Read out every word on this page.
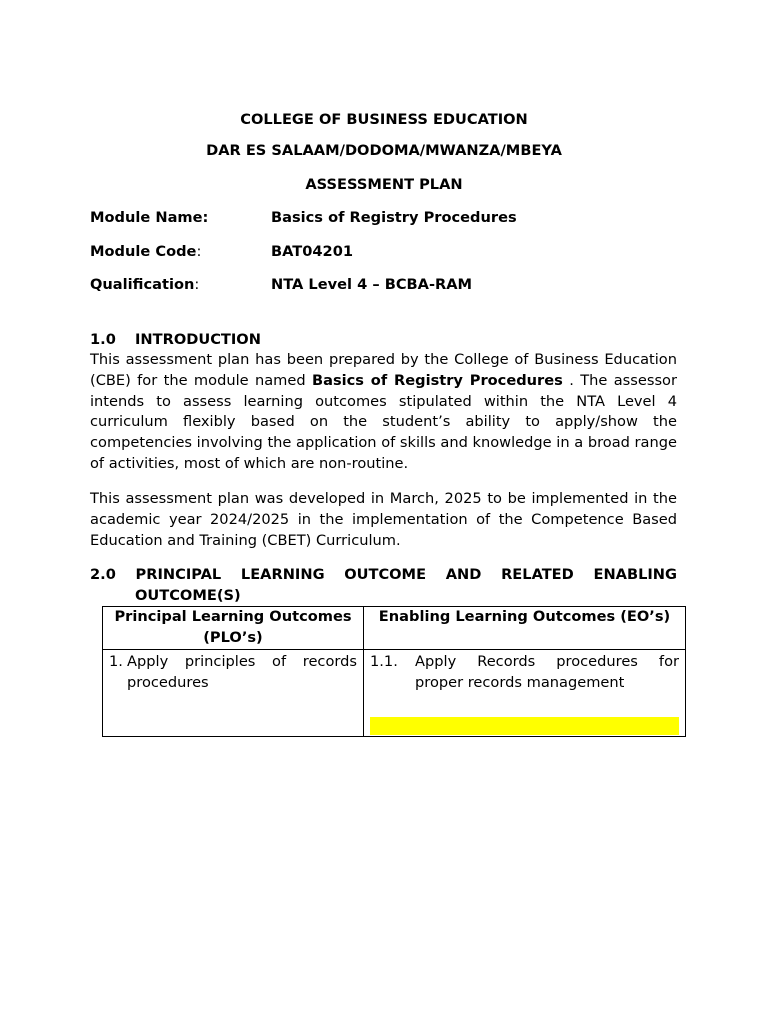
COLLEGE OF BUSINESS EDUCATION
DAR ES SALAAM/DODOMA/MWANZA/MBEYA
ASSESSMENT PLAN
Module Name:	Basics of Registry Procedures
Module Code:	BAT04201
Qualification:	NTA Level 4 – BCBA-RAM
1.0 INTRODUCTION

This assessment plan has been prepared by the College of Business Education (CBE) for the module named Basics of Registry Procedures . The assessor intends to assess learning outcomes stipulated within the NTA Level 4 curriculum flexibly based on the student’s ability to apply/show the competencies involving the application of skills and knowledge in a broad range of activities, most of which are non-routine.

This assessment plan was developed in March, 2025 to be implemented in the academic year 2024/2025 in the implementation of the Competence Based Education and Training (CBET) Curriculum.

2.0 PRINCIPAL LEARNING OUTCOME AND RELATED ENABLING
OUTCOME(S)
Principal Learning Outcomes (PLO’s)	Enabling Learning Outcomes (EO’s)

1. Apply principles of records procedures	1.1. Apply Records procedures for proper records management
